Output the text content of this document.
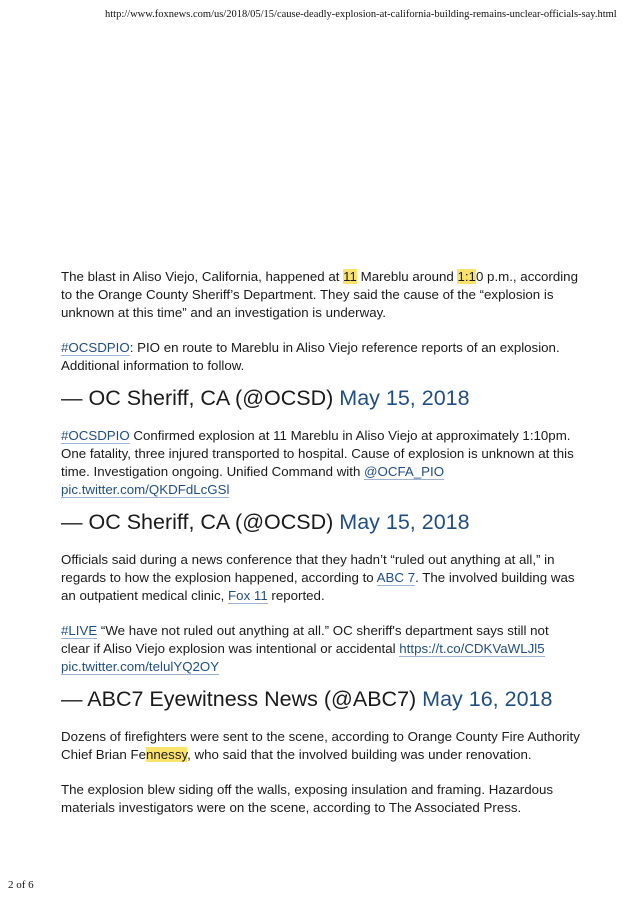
http://www.foxnews.com/us/2018/05/15/cause-deadly-explosion-at-california-building-remains-unclear-officials-say.html

The blast in Aliso Viejo, California, happened at 11 Mareblu around 1:10 p.m., according to the Orange County Sheriff’s Department. They said the cause of the “explosion is unknown at this time” and an investigation is underway.

#OCSDPIO: PIO en route to Mareblu in Aliso Viejo reference reports of an explosion. Additional information to follow.

— OC Sheriff, CA (@OCSD) May 15, 2018

#OCSDPIO Confirmed explosion at 11 Mareblu in Aliso Viejo at approximately 1:10pm. One fatality, three injured transported to hospital. Cause of explosion is unknown at this time. Investigation ongoing. Unified Command with @OCFA_PIO
pic.twitter.com/QKDFdLcGSl

— OC Sheriff, CA (@OCSD) May 15, 2018

Officials said during a news conference that they hadn’t “ruled out anything at all,” in regards to how the explosion happened, according to ABC 7. The involved building was an outpatient medical clinic, Fox 11 reported.

#LIVE “We have not ruled out anything at all.” OC sheriff's department says still not clear if Aliso Viejo explosion was intentional or accidental https://t.co/CDKVaWLJl5
pic.twitter.com/telulYQ2OY

— ABC7 Eyewitness News (@ABC7) May 16, 2018

Dozens of firefighters were sent to the scene, according to Orange County Fire Authority Chief Brian Fennessy, who said that the involved building was under renovation.

The explosion blew siding off the walls, exposing insulation and framing. Hazardous materials investigators were on the scene, according to The Associated Press.

2 of 6
